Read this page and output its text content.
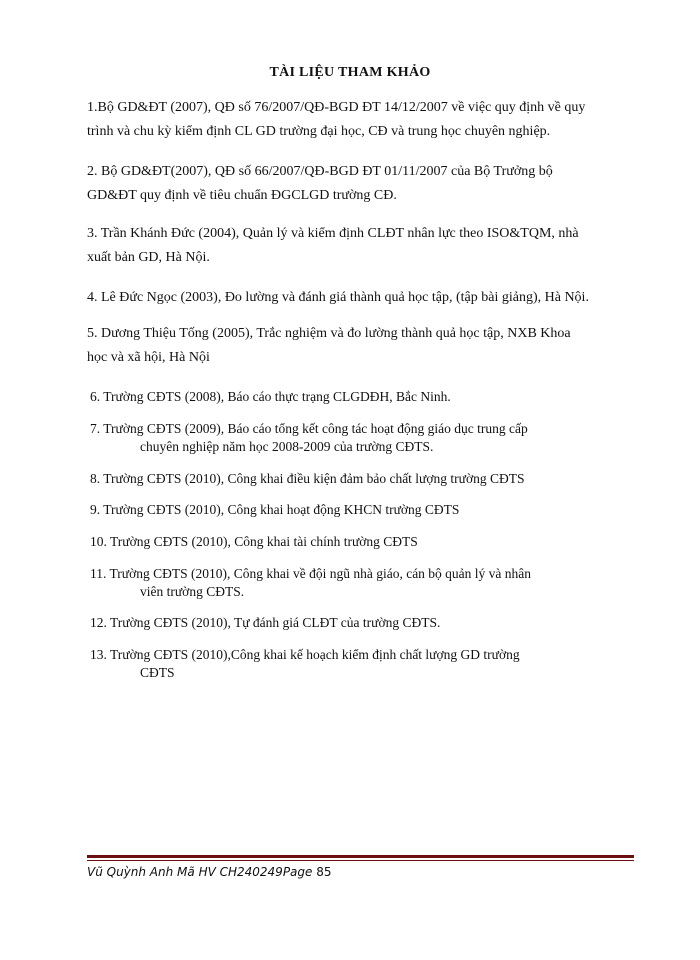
TÀI LIỆU THAM KHẢO

1.Bộ GD&ĐT (2007), QĐ số 76/2007/QĐ-BGD ĐT 14/12/2007 về việc quy định về quy
trình và chu kỳ kiểm định CL GD trường đại học, CĐ và trung học chuyên nghiệp.

2. Bộ GD&ĐT(2007), QĐ số 66/2007/QĐ-BGD ĐT 01/11/2007 của Bộ Trưởng bộ
GD&ĐT quy định về tiêu chuẩn ĐGCLGD trường CĐ.

3. Trần Khánh Đức (2004), Quản lý và kiểm định CLĐT nhân lực theo ISO&TQM, nhà
xuất bản GD, Hà Nội.

4. Lê Đức Ngọc (2003), Đo lường và đánh giá thành quả học tập, (tập bài giảng), Hà Nội.

5. Dương Thiệu Tống (2005), Trắc nghiệm và đo lường thành quả học tập, NXB Khoa
học và xã hội, Hà Nội

6. Trường CĐTS (2008), Báo cáo thực trạng CLGDĐH, Bắc Ninh.

7. Trường CĐTS (2009), Báo cáo tổng kết công tác hoạt động giáo dục trung cấp
chuyên nghiệp năm học 2008-2009 của trường CĐTS.

8. Trường CĐTS (2010), Công khai điều kiện đảm bảo chất lượng trường CĐTS

9. Trường CĐTS (2010), Công khai hoạt động KHCN trường CĐTS

10. Trường CĐTS (2010), Công khai tài chính trường CĐTS

11. Trường CĐTS (2010), Công khai về đội ngũ nhà giáo, cán bộ quản lý và nhân
viên trường CĐTS.

12. Trường CĐTS (2010), Tự đánh giá CLĐT của trường CĐTS.

13. Trường CĐTS (2010),Công khai kế hoạch kiểm định chất lượng GD trường
CĐTS

Vũ Quỳnh Anh Mã HV CH240249Page 85
